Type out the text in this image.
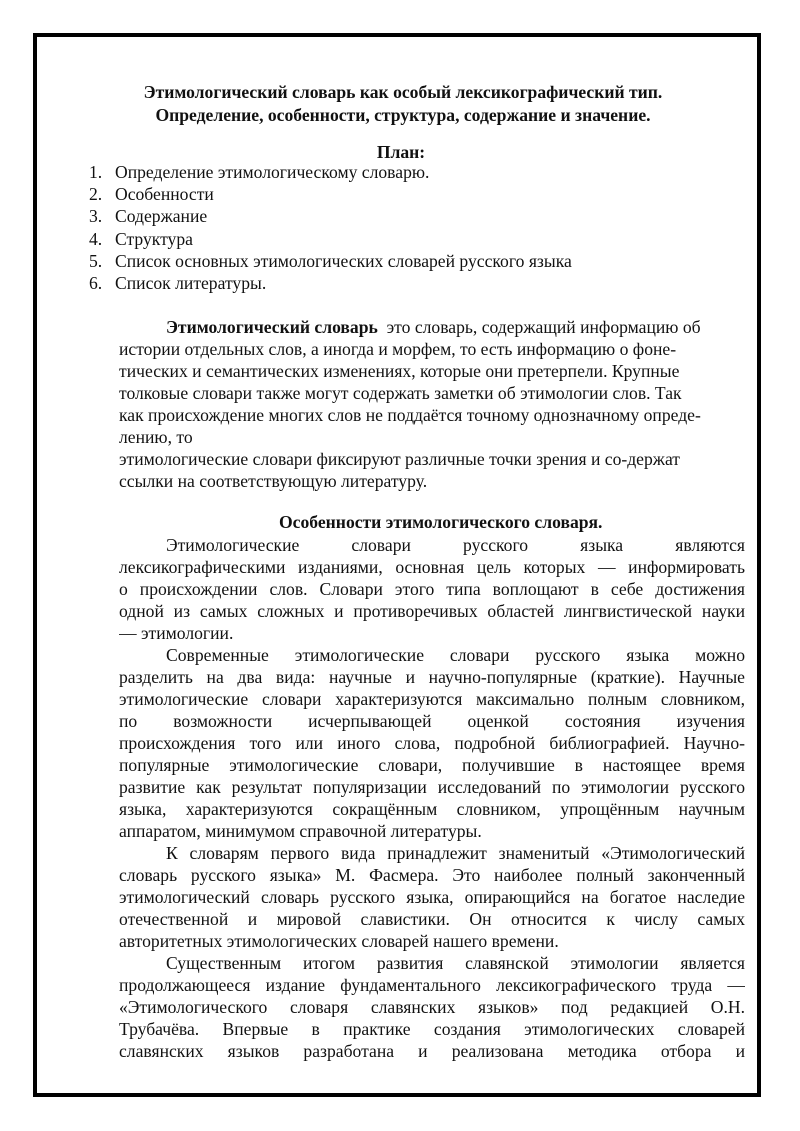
Этимологический словарь как особый лексикографический тип.
Определение, особенности, структура, содержание и значение.
План:
1. Определение этимологическому словарю.
2. Особенности
3. Содержание
4. Структура
5. Список основных этимологических словарей русского языка
6. Список литературы.
Этимологический словарь это словарь, содержащий информацию об
истории отдельных слов, а иногда и морфем, то есть информацию о фоне-
тических и семантических изменениях, которые они претерпели. Крупные
толковые словари также могут содержать заметки об этимологии слов. Так
как происхождение многих слов не поддаётся точному однозначному опреде-
лению, то
этимологические словари фиксируют различные точки зрения и со-держат
ссылки на соответствующую литературу.
Особенности этимологического словаря.
Этимологические словари русского языка являются
лексикографическими изданиями, основная цель которых — информировать
о происхождении слов. Словари этого типа воплощают в себе достижения
одной из самых сложных и противоречивых областей лингвистической науки
— этимологии.
Современные этимологические словари русского языка можно
разделить на два вида: научные и научно-популярные (краткие). Научные
этимологические словари характеризуются максимально полным словником,
по возможности исчерпывающей оценкой состояния изучения
происхождения того или иного слова, подробной библиографией. Научно-
популярные этимологические словари, получившие в настоящее время
развитие как результат популяризации исследований по этимологии русского
языка, характеризуются сокращённым словником, упрощённым научным
аппаратом, минимумом справочной литературы.
К словарям первого вида принадлежит знаменитый «Этимологический
словарь русского языка» М. Фасмера. Это наиболее полный законченный
этимологический словарь русского языка, опирающийся на богатое наследие
отечественной и мировой славистики. Он относится к числу самых
авторитетных этимологических словарей нашего времени.
Существенным итогом развития славянской этимологии является
продолжающееся издание фундаментального лексикографического труда —
«Этимологического словаря славянских языков» под редакцией О.Н.
Трубачёва. Впервые в практике создания этимологических словарей
славянских языков разработана и реализована методика отбора и
